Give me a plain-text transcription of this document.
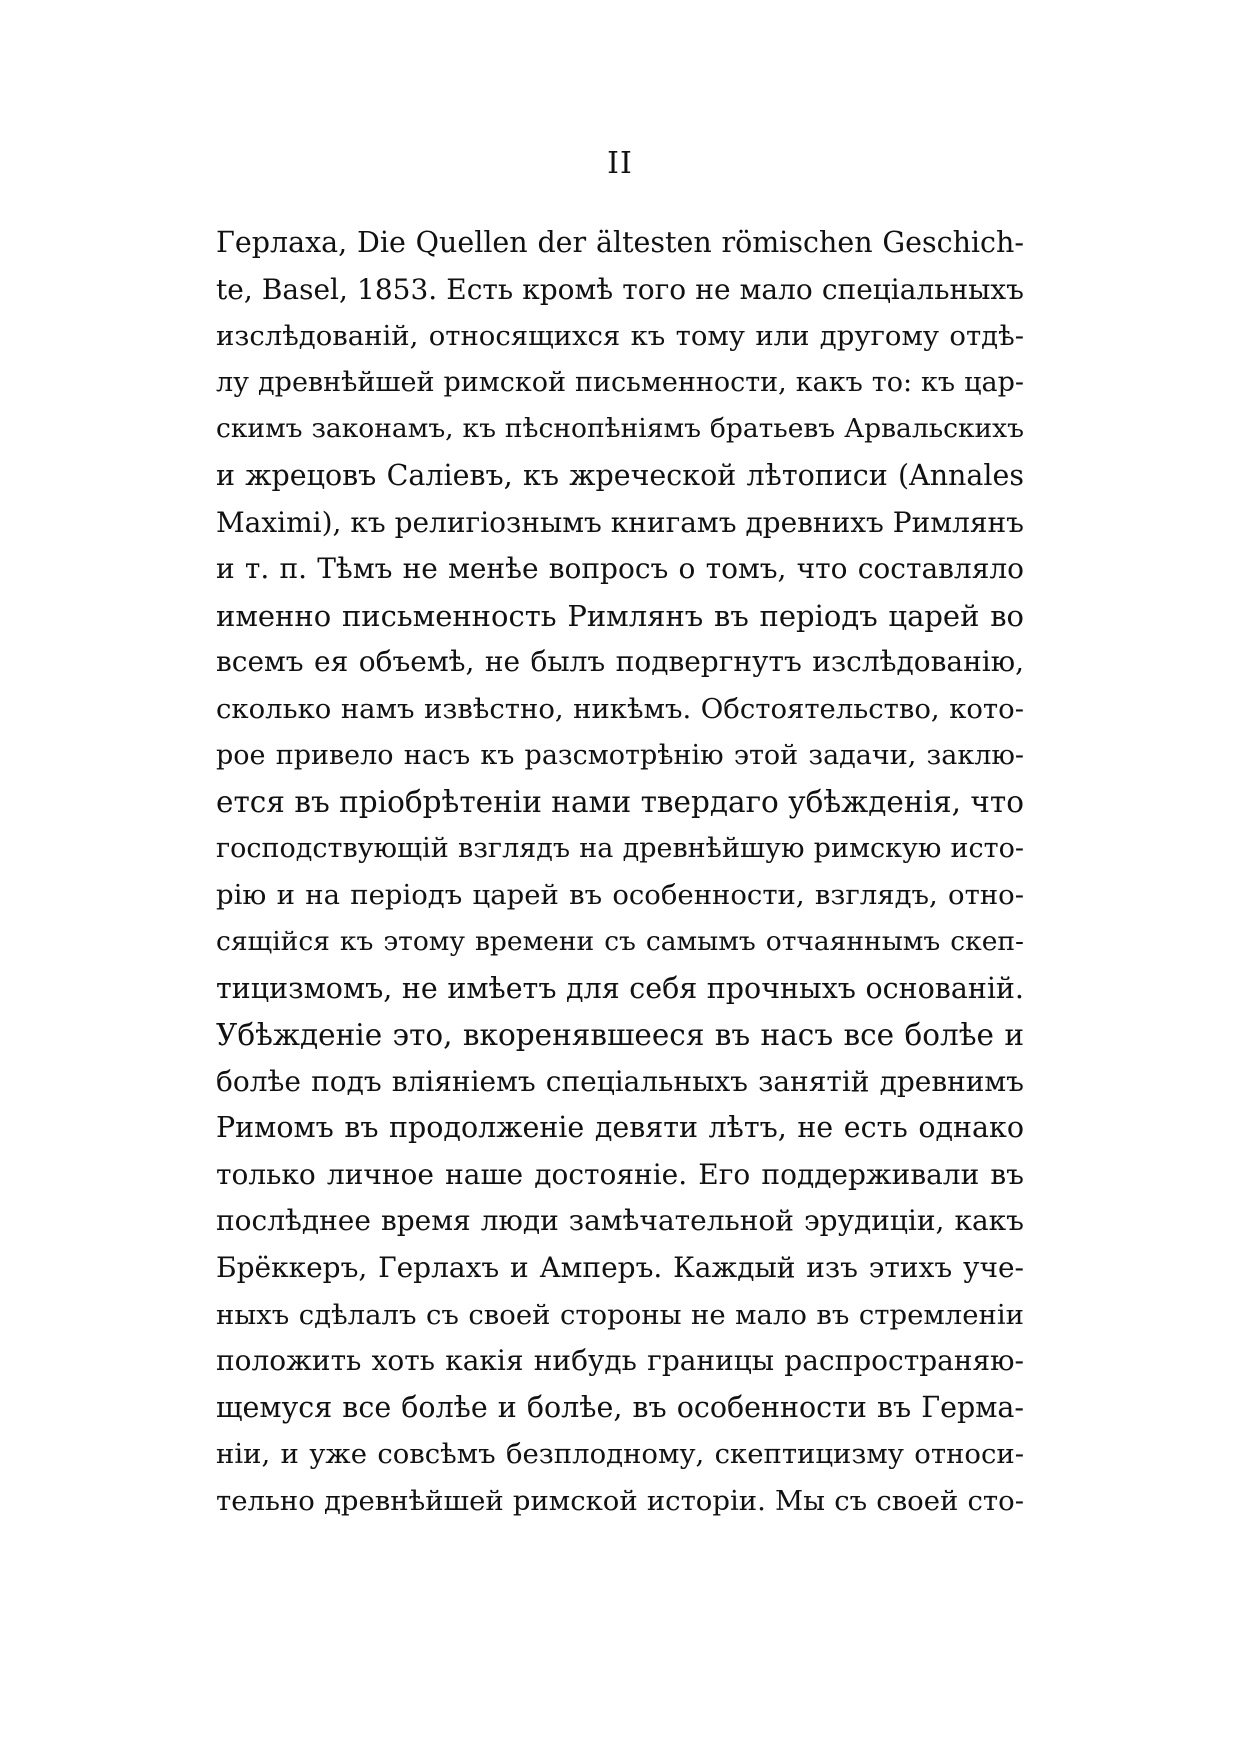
II
Герлаха, Die Quellen der ältesten römischen Geschich-
te, Basel, 1853. Есть кромѣ того не мало спеціальныхъ
изслѣдованій, относящихся къ тому или другому отдѣ-
лу древнѣйшей римской письменности, какъ то: къ цар-
скимъ законамъ, къ пѣснопѣніямъ братьевъ Арвальскихъ
и жрецовъ Саліевъ, къ жреческой лѣтописи (Annales
Maximi), къ религіознымъ книгамъ древнихъ Римлянъ
и т. п. Тѣмъ не менѣе вопросъ о томъ, что составляло
именно письменность Римлянъ въ періодъ царей во
всемъ ея объемѣ, не былъ подвергнутъ изслѣдованію,
сколько намъ извѣстно, никѣмъ. Обстоятельство, кото-
рое привело насъ къ разсмотрѣнію этой задачи, заклю-
ется въ пріобрѣтеніи нами твердаго убѣжденія, что
господствующій взглядъ на древнѣйшую римскую исто-
рію и на періодъ царей въ особенности, взглядъ, отно-
сящійся къ этому времени съ самымъ отчаяннымъ скеп-
тицизмомъ, не имѣетъ для себя прочныхъ основаній.
Убѣжденіе это, вкоренявшееся въ насъ все болѣе и
болѣе подъ вліяніемъ спеціальныхъ занятій древнимъ
Римомъ въ продолженіе девяти лѣтъ, не есть однако
только личное наше достояніе. Его поддерживали въ
послѣднее время люди замѣчательной эрудиціи, какъ
Брёккеръ, Герлахъ и Амперъ. Каждый изъ этихъ уче-
ныхъ сдѣлалъ съ своей стороны не мало въ стремленіи
положить хоть какія нибудь границы распространяю-
щемуся все болѣе и болѣе, въ особенности въ Герма-
ніи, и уже совсѣмъ безплодному, скептицизму относи-
тельно древнѣйшей римской исторіи. Мы съ своей сто-
